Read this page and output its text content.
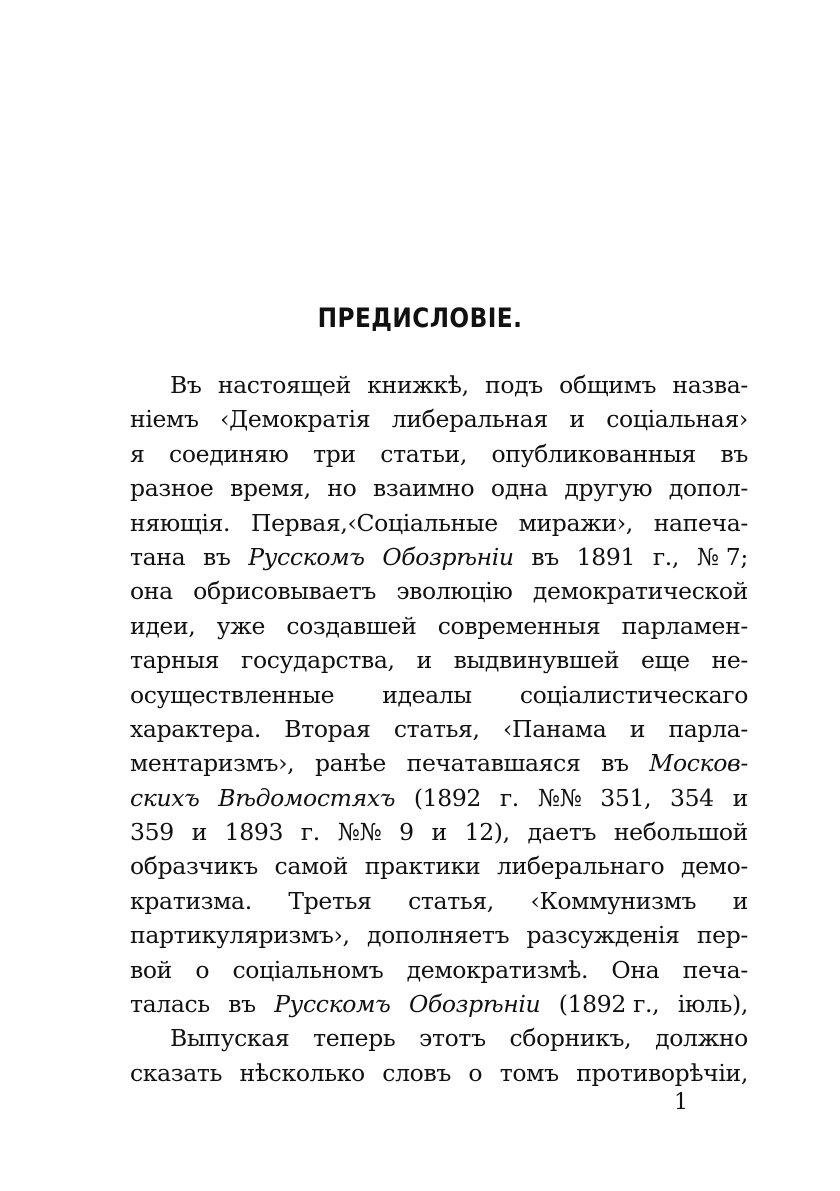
ПРЕДИСЛОВІЕ.
Въ настоящей книжкѣ, подъ общимъ назва-
ніемъ ‹Демократія либеральная и соціальная›
я соединяю три статьи, опубликованныя въ
разное время, но взаимно одна другую допол-
няющія. Первая,‹Соціальные миражи›, напеча-
тана въ Русскомъ Обозрѣніи въ 1891 г., № 7;
она обрисовываетъ эволюцію демократической
идеи, уже создавшей современныя парламен-
тарныя государства, и выдвинувшей еще не-
осуществленные идеалы соціалистическаго
характера. Вторая статья, ‹Панама и парла-
ментаризмъ›, ранѣе печатавшаяся въ Москов-
скихъ Вѣдомостяхъ (1892 г. №№ 351, 354 и
359 и 1893 г. №№ 9 и 12), даетъ небольшой
образчикъ самой практики либеральнаго демо-
кратизма. Третья статья, ‹Коммунизмъ и
партикуляризмъ›, дополняетъ разсужденія пер-
вой о соціальномъ демократизмѣ. Она печа-
талась въ Русскомъ Обозрѣніи (1892 г., іюль),
Выпуская теперь этотъ сборникъ, должно
сказать нѣсколько словъ о томъ противорѣчіи,
1
